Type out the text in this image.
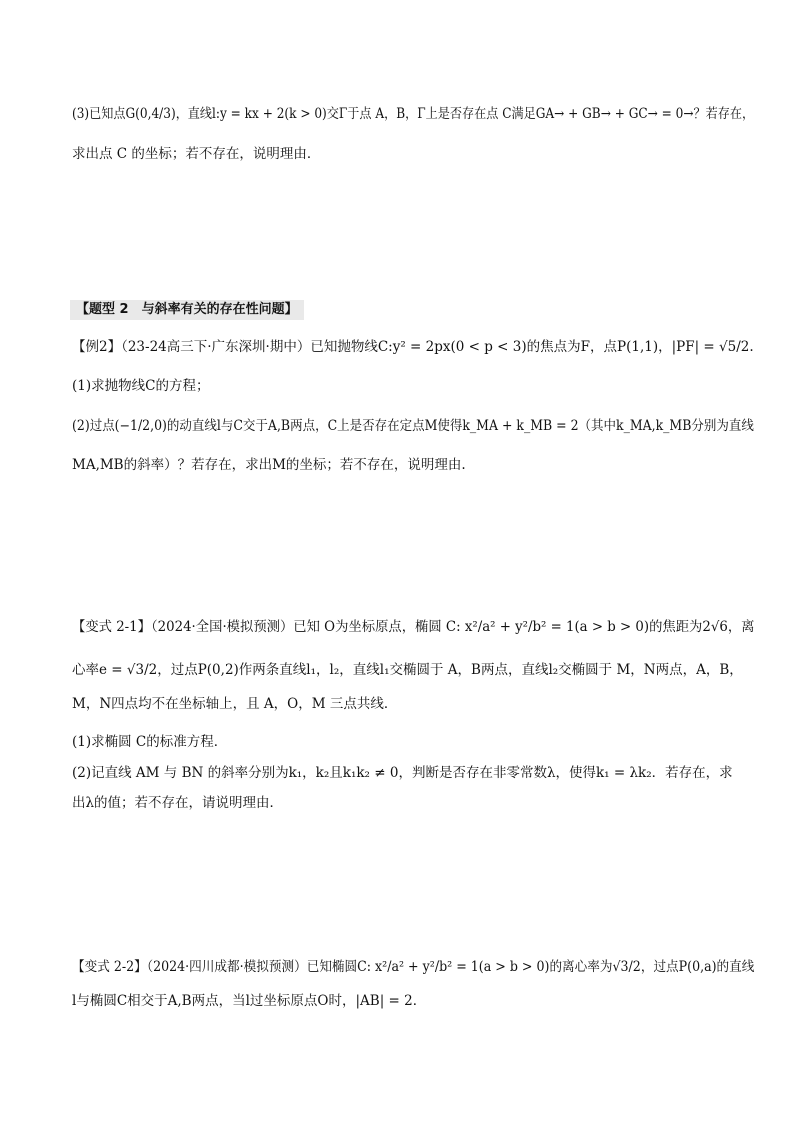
(3)已知点G(0,4/3)，直线l:y = kx + 2(k > 0)交Γ于点 A，B，Γ上是否存在点 C满足GA→ + GB→ + GC→ = 0→？若存在，
求出点 C 的坐标；若不存在，说明理由．
【题型 2　与斜率有关的存在性问题】
【例2】（23-24高三下·广东深圳·期中）已知抛物线C:y² = 2px(0 < p < 3)的焦点为F，点P(1,1)，|PF| = √5/2.
(1)求抛物线C的方程；
(2)过点(−1/2,0)的动直线l与C交于A,B两点，C上是否存在定点M使得k_MA + k_MB = 2（其中k_MA,k_MB分别为直线
MA,MB的斜率）？若存在，求出M的坐标；若不存在，说明理由.
【变式 2-1】（2024·全国·模拟预测）已知 O为坐标原点，椭圆 C: x²/a² + y²/b² = 1(a > b > 0)的焦距为2√6，离
心率e = √3/2，过点P(0,2)作两条直线l₁，l₂，直线l₁交椭圆于 A，B两点，直线l₂交椭圆于 M，N两点，A，B，
M，N四点均不在坐标轴上，且 A，O，M 三点共线．
(1)求椭圆 C的标准方程．
(2)记直线 AM 与 BN 的斜率分别为k₁，k₂且k₁k₂ ≠ 0，判断是否存在非零常数λ，使得k₁ = λk₂．若存在，求
出λ的值；若不存在，请说明理由．
【变式 2-2】（2024·四川成都·模拟预测）已知椭圆C: x²/a² + y²/b² = 1(a > b > 0)的离心率为√3/2，过点P(0,a)的直线
l与椭圆C相交于A,B两点，当l过坐标原点O时，|AB| = 2．
